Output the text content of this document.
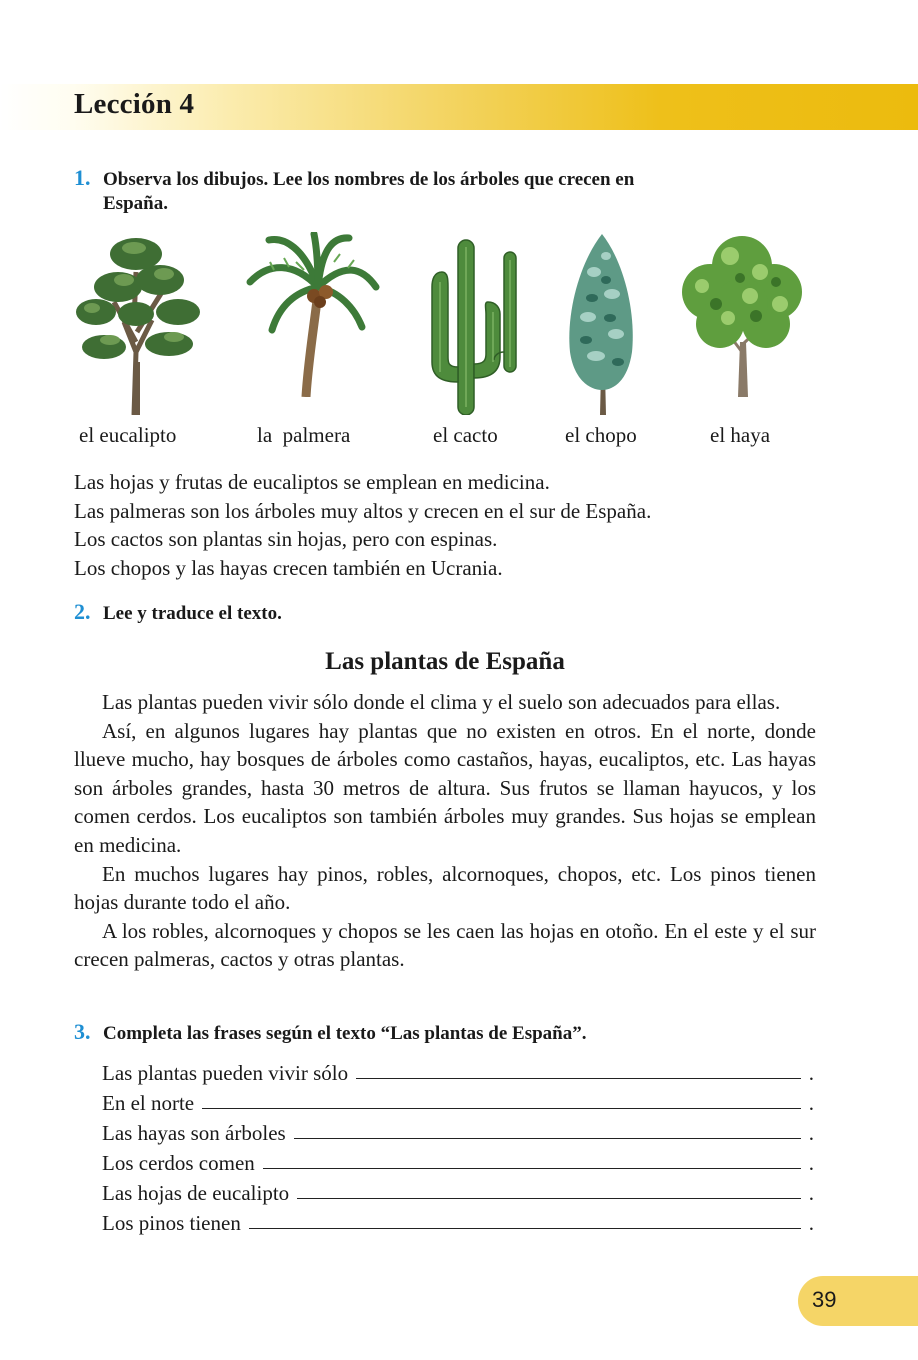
Lección 4
1. Observa los dibujos. Lee los nombres de los árboles que crecen en
España.
el eucalipto	la  palmera	el cacto	el chopo	el haya
Las hojas y frutas de eucaliptos se emplean en medicina.
Las palmeras son los árboles muy altos y crecen en el sur de España.
Los cactos son plantas sin hojas, pero con espinas.
Los chopos y las hayas crecen también en Ucrania.
2. Lee y traduce el texto.
Las plantas de España

Las plantas pueden vivir sólo donde el clima y el suelo son adecuados para ellas.

Así, en algunos lugares hay plantas que no existen en otros. En el norte, donde llueve mucho, hay bosques de árboles como castaños, hayas, eucaliptos, etc. Las hayas son árboles grandes, hasta 30 metros de altura. Sus frutos se llaman hayucos, y los comen cerdos. Los eucaliptos son también árboles muy grandes. Sus hojas se emplean en medicina.

En muchos lugares hay pinos, robles, alcornoques, chopos, etc. Los pinos tienen hojas durante todo el año.

A los robles, alcornoques y chopos se les caen las hojas en otoño. En el este y el sur crecen palmeras, cactos y otras plantas.

3. Completa las frases según el texto “Las plantas de España”.
Las plantas pueden vivir sólo	.
En el norte	.
Las hayas son árboles	.
Los cerdos comen	.
Las hojas de eucalipto	.
Los pinos tienen	.
39
